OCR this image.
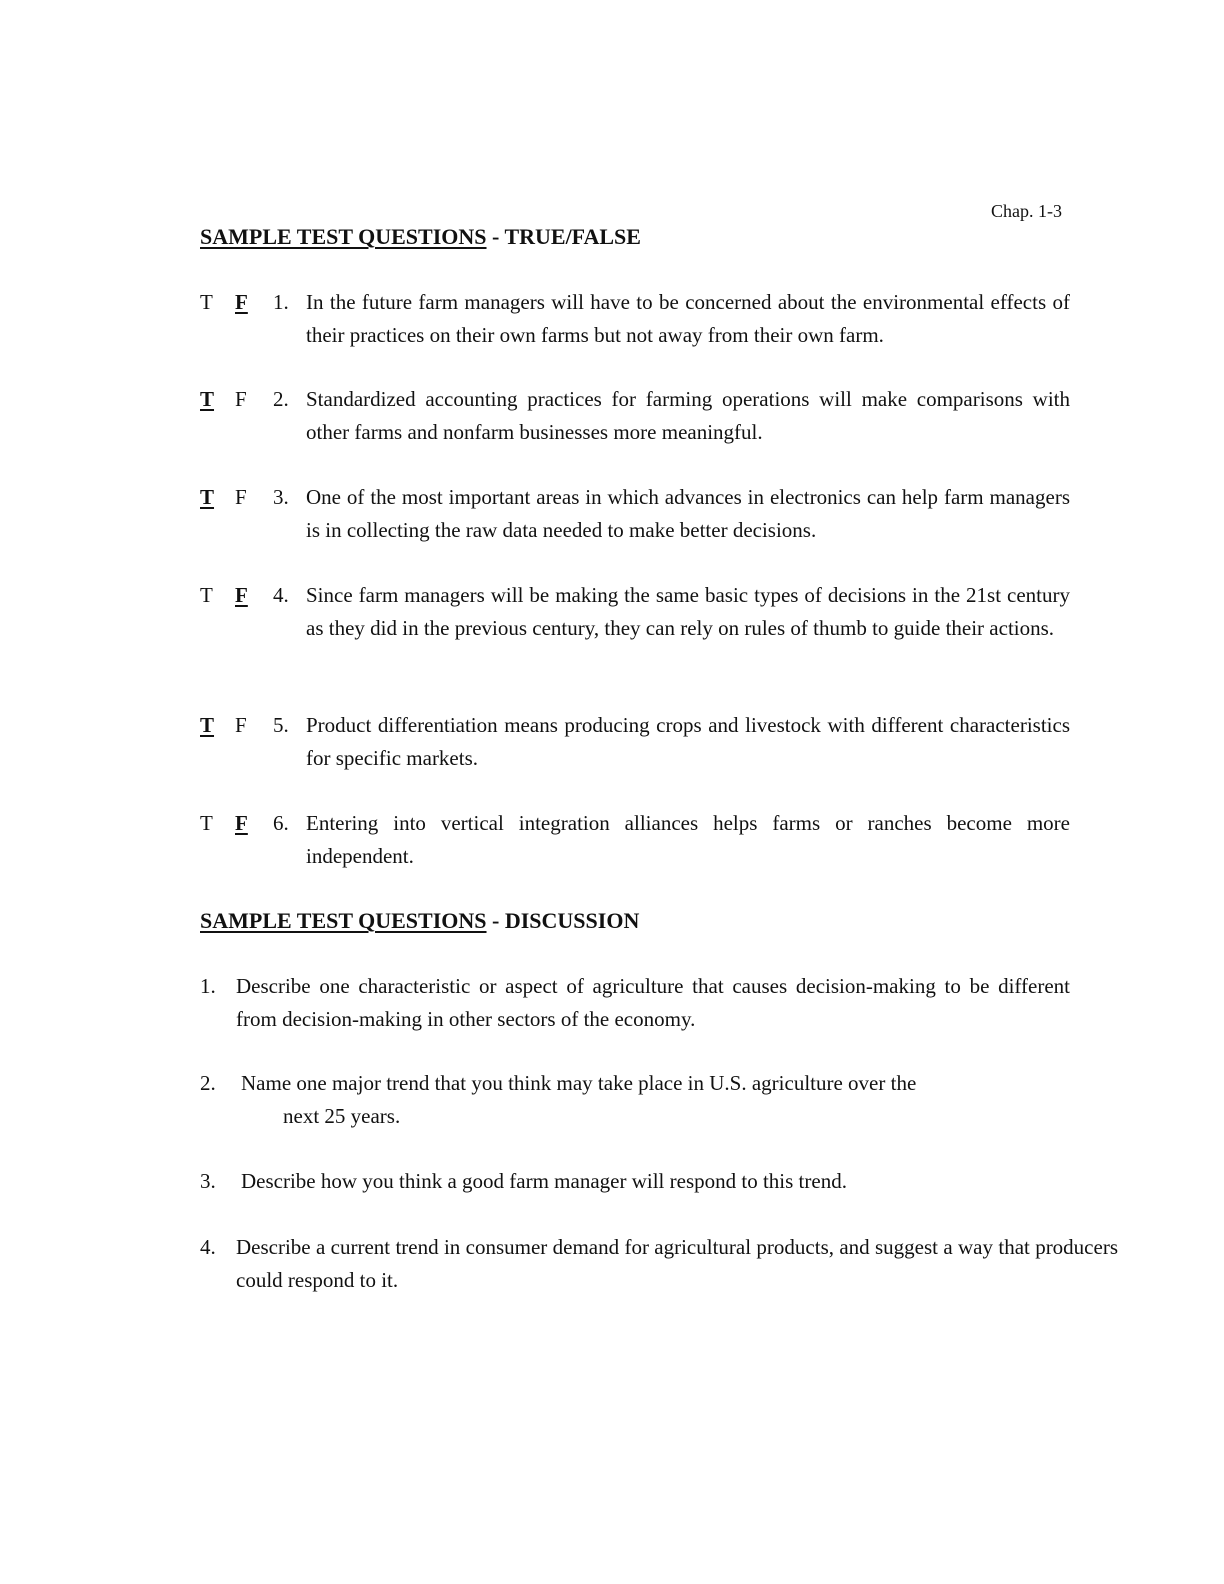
Chap. 1-3
SAMPLE TEST QUESTIONS - TRUE/FALSE
T F 1. In the future farm managers will have to be concerned about the environmental effects of their practices on their own farms but not away from their own farm.
T F 2. Standardized accounting practices for farming operations will make comparisons with other farms and nonfarm businesses more meaningful.
T F 3. One of the most important areas in which advances in electronics can help farm managers is in collecting the raw data needed to make better decisions.
T F 4. Since farm managers will be making the same basic types of decisions in the 21st century as they did in the previous century, they can rely on rules of thumb to guide their actions.
T F 5. Product differentiation means producing crops and livestock with different characteristics for specific markets.
T F 6. Entering into vertical integration alliances helps farms or ranches become more independent.
SAMPLE TEST QUESTIONS - DISCUSSION
1. Describe one characteristic or aspect of agriculture that causes decision-making to be different from decision-making in other sectors of the economy.
2. Name one major trend that you think may take place in U.S. agriculture over the
next 25 years.
3. Describe how you think a good farm manager will respond to this trend.
4. Describe a current trend in consumer demand for agricultural products, and suggest a way that producers could respond to it.
